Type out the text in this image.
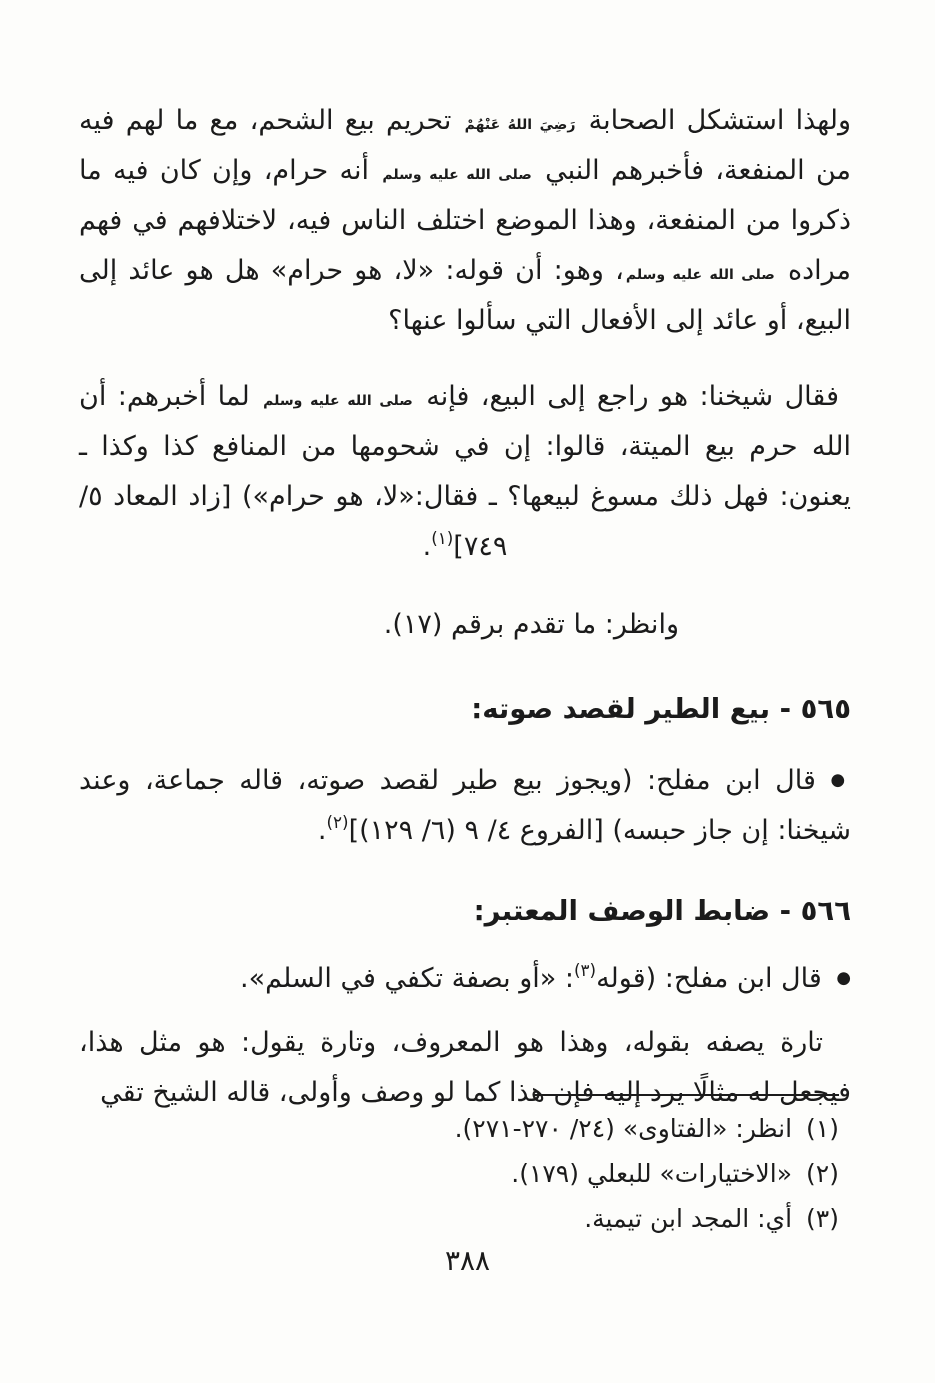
ولهذا استشكل الصحابة رَضِيَ اللهُ عَنْهُمْ تحريم بيع الشحم، مع ما لهم فيه من المنفعة، فأخبرهم النبي صلى الله عليه وسلم أنه حرام، وإن كان فيه ما ذكروا من المنفعة، وهذا الموضع اختلف الناس فيه، لاختلافهم في فهم مراده صلى الله عليه وسلم، وهو: أن قوله: «لا، هو حرام» هل هو عائد إلى البيع، أو عائد إلى الأفعال التي سألوا عنها؟
فقال شيخنا: هو راجع إلى البيع، فإنه صلى الله عليه وسلم لما أخبرهم: أن الله حرم بيع الميتة، قالوا: إن في شحومها من المنافع كذا وكذا ـ يعنون: فهل ذلك مسوغ لبيعها؟ ـ فقال:«لا، هو حرام») [زاد المعاد ٥/ ٧٤٩]$^{(١)}$.
وانظر: ما تقدم برقم (١٧).
٥٦٥ - بيع الطير لقصد صوته:
● قال ابن مفلح: (ويجوز بيع طير لقصد صوته، قاله جماعة، وعند شيخنا: إن جاز حبسه) [الفروع ٤/ ٩ (٦/ ١٢٩)]$^{(٢)}$.
٥٦٦ - ضابط الوصف المعتبر:
● قال ابن مفلح: (قوله$^{(٣)}$: «أو بصفة تكفي في السلم».
تارة يصفه بقوله، وهذا هو المعروف، وتارة يقول: هو مثل هذا، فيجعل له مثالًا يرد إليه فإن هذا كما لو وصف وأولى، قاله الشيخ تقي
(١)انظر: «الفتاوى» (٢٤/ ٢٧٠-٢٧١).
(٢)«الاختيارات» للبعلي (١٧٩).
(٣)أي: المجد ابن تيمية.
٣٨٨
